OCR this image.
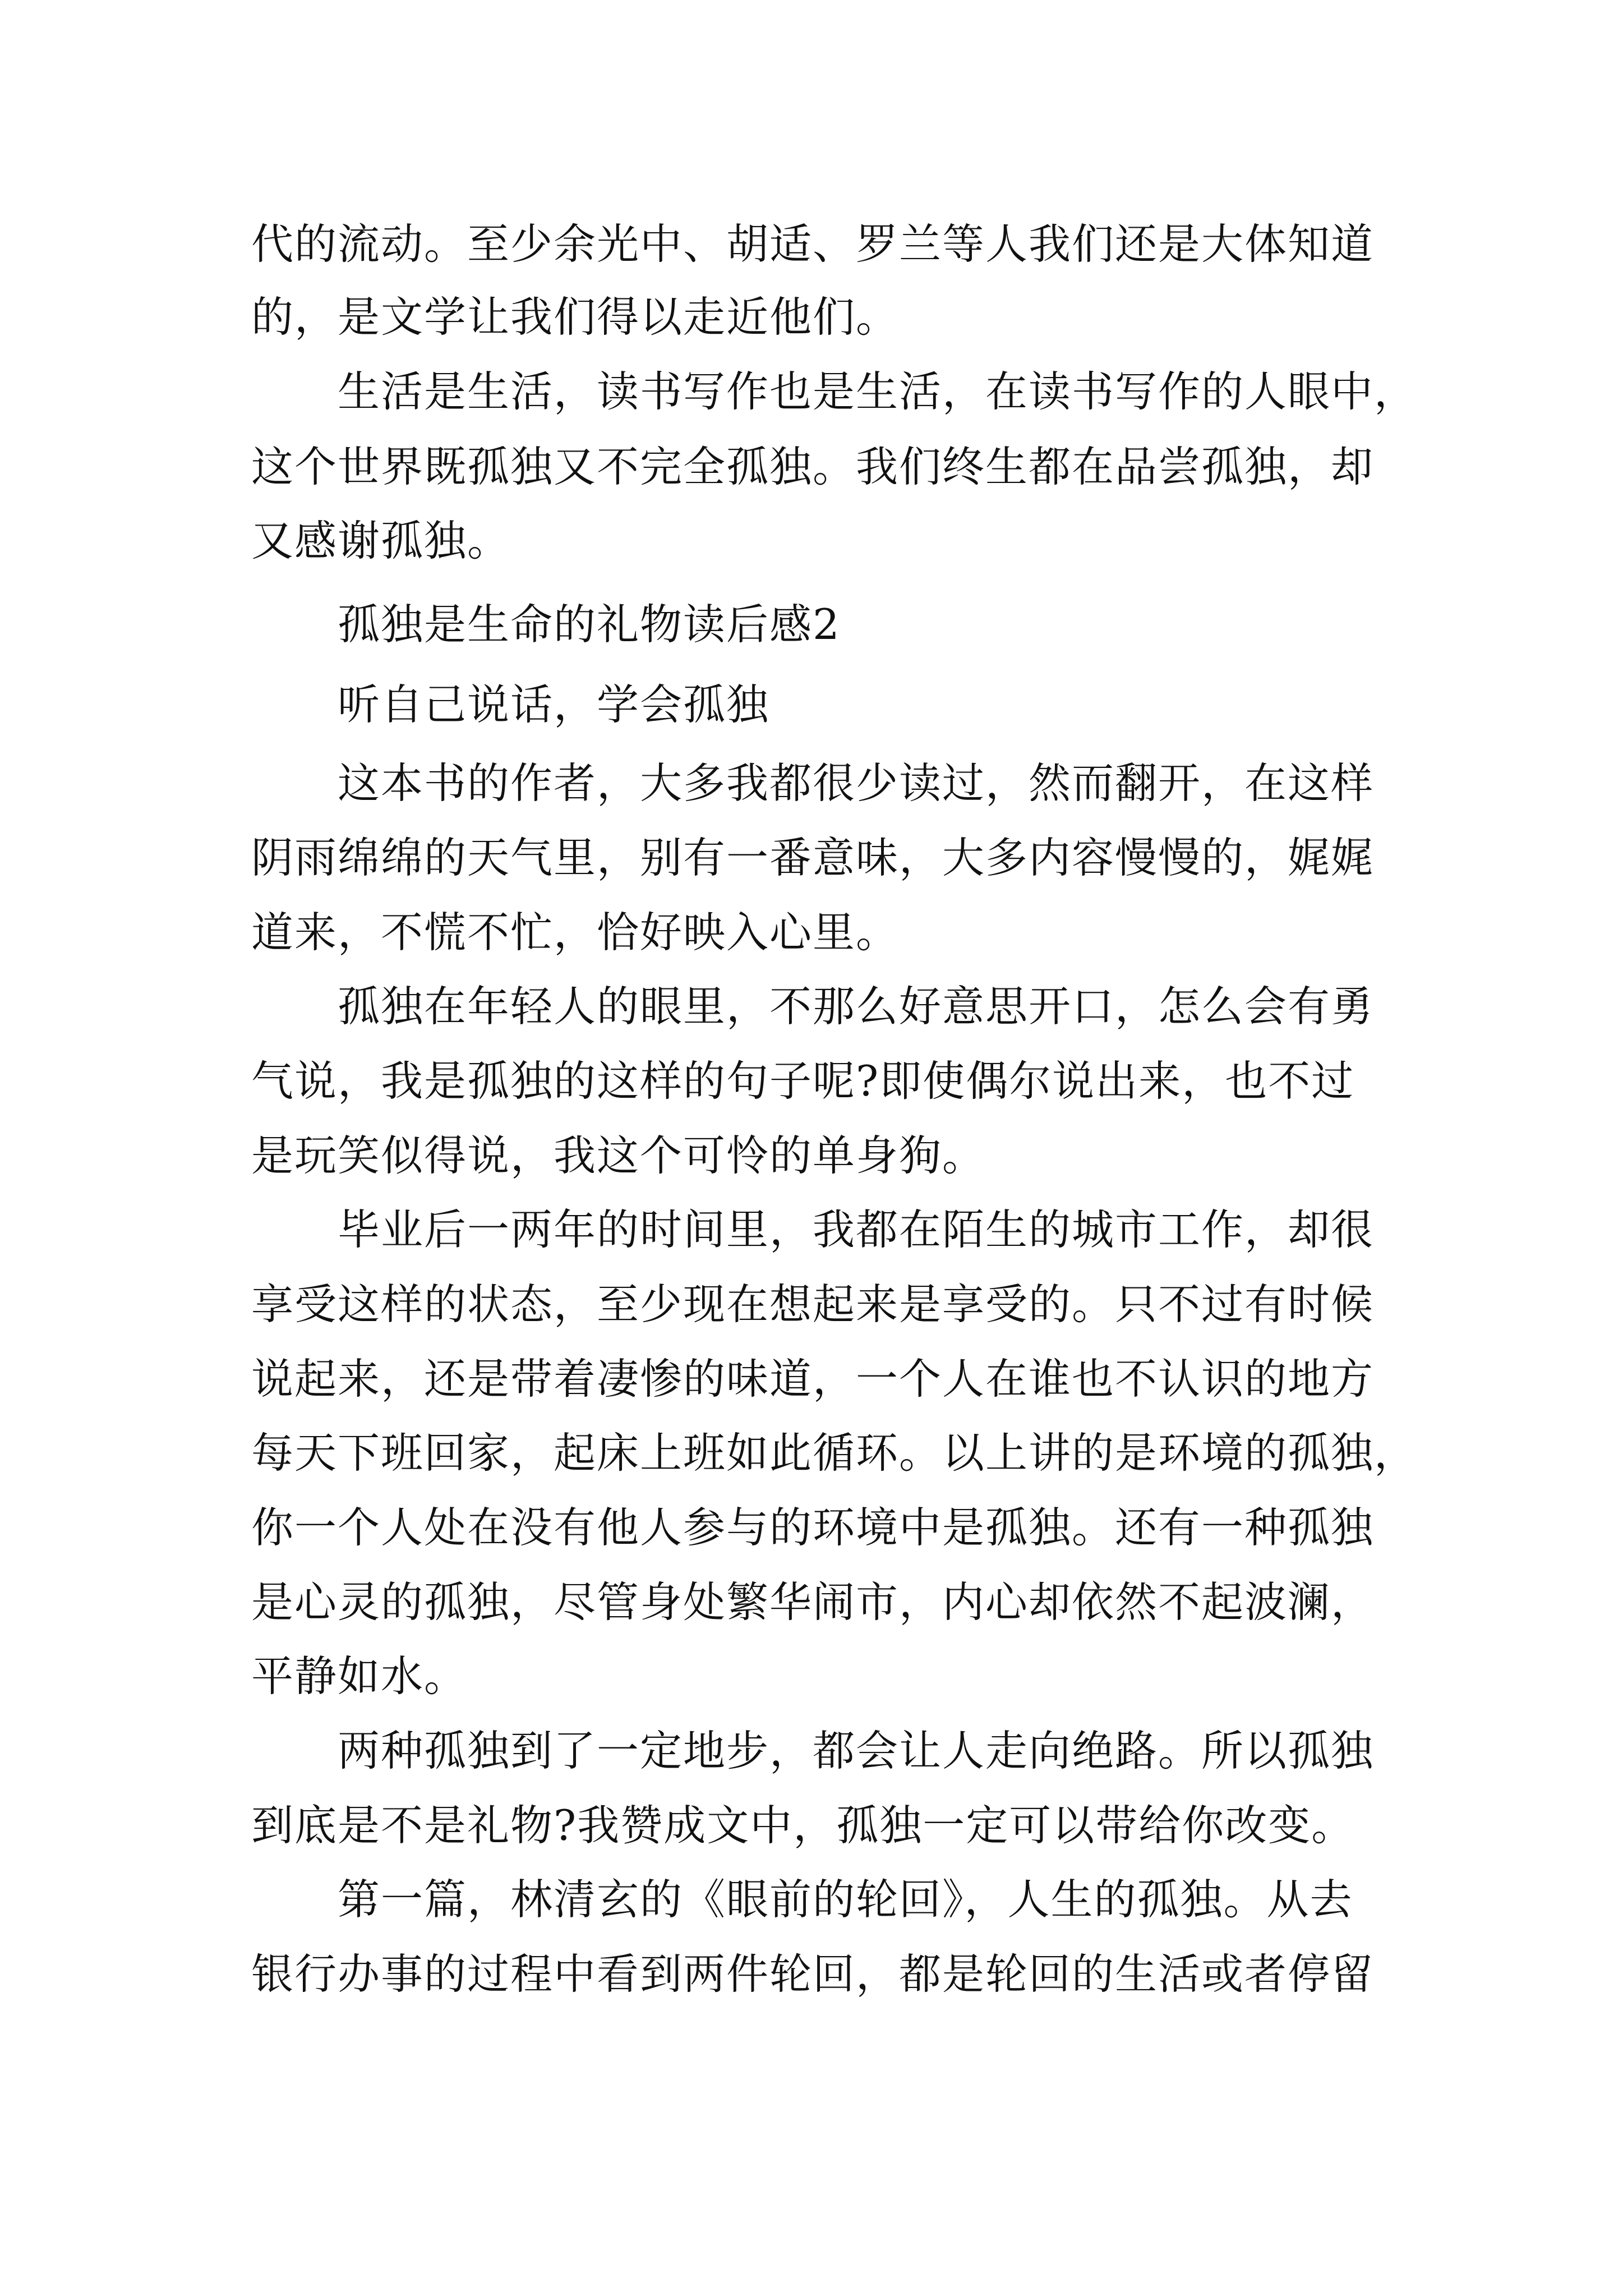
代的流动。至少余光中、胡适、罗兰等人我们还是大体知道

的，是文学让我们得以走近他们。

生活是生活，读书写作也是生活，在读书写作的人眼中，

这个世界既孤独又不完全孤独。我们终生都在品尝孤独，却

又感谢孤独。

孤独是生命的礼物读后感2

听自己说话，学会孤独

这本书的作者，大多我都很少读过，然而翻开，在这样

阴雨绵绵的天气里，别有一番意味，大多内容慢慢的，娓娓

道来，不慌不忙，恰好映入心里。

孤独在年轻人的眼里，不那么好意思开口，怎么会有勇

气说，我是孤独的这样的句子呢?即使偶尔说出来，也不过

是玩笑似得说，我这个可怜的单身狗。

毕业后一两年的时间里，我都在陌生的城市工作，却很

享受这样的状态，至少现在想起来是享受的。只不过有时候

说起来，还是带着凄惨的味道，一个人在谁也不认识的地方

每天下班回家，起床上班如此循环。以上讲的是环境的孤独，

你一个人处在没有他人参与的环境中是孤独。还有一种孤独

是心灵的孤独，尽管身处繁华闹市，内心却依然不起波澜，

平静如水。

两种孤独到了一定地步，都会让人走向绝路。所以孤独

到底是不是礼物?我赞成文中，孤独一定可以带给你改变。

第一篇，林清玄的《眼前的轮回》，人生的孤独。从去

银行办事的过程中看到两件轮回，都是轮回的生活或者停留
